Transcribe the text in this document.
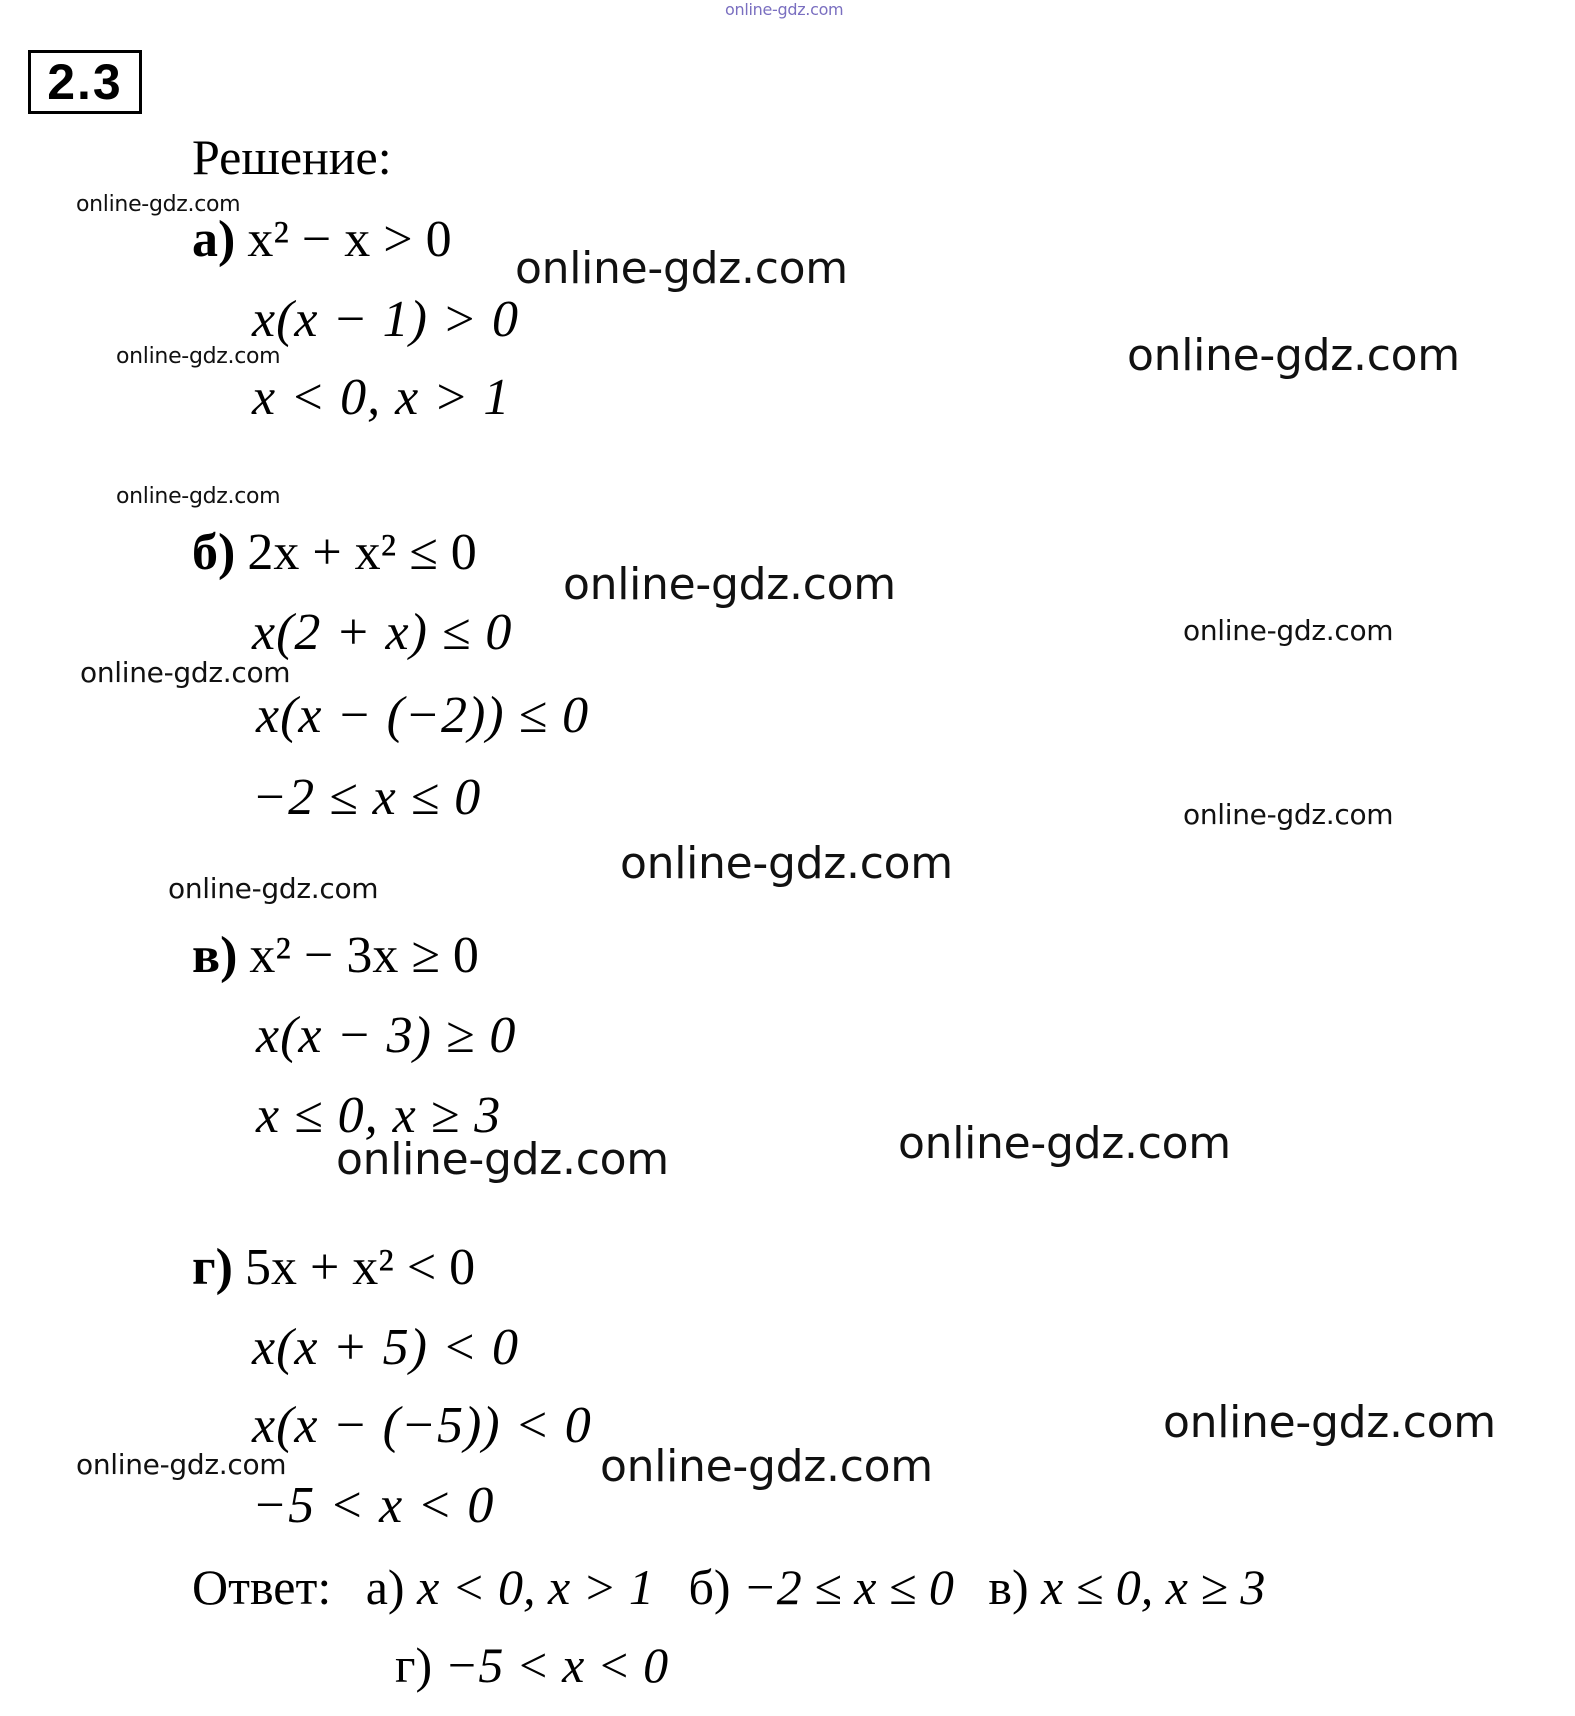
online-gdz.com
online-gdz.com
online-gdz.com
online-gdz.com	online-gdz.com
online-gdz.com
online-gdz.com
online-gdz.com
online-gdz.com
online-gdz.com
online-gdz.com
online-gdz.com
online-gdz.com	online-gdz.com
online-gdz.com
online-gdz.com	online-gdz.com
2.3
Решение:
а) x² − x > 0
x(x − 1) > 0
x < 0, x > 1
б) 2x + x² ≤ 0
x(2 + x) ≤ 0
x(x − (−2)) ≤ 0
−2 ≤ x ≤ 0
в) x² − 3x ≥ 0
x(x − 3) ≥ 0
x ≤ 0, x ≥ 3
г) 5x + x² < 0
x(x + 5) < 0
x(x − (−5)) < 0
−5 < x < 0
Ответ: а) x < 0, x > 1 б) −2 ≤ x ≤ 0 в) x ≤ 0, x ≥ 3
г) −5 < x < 0
